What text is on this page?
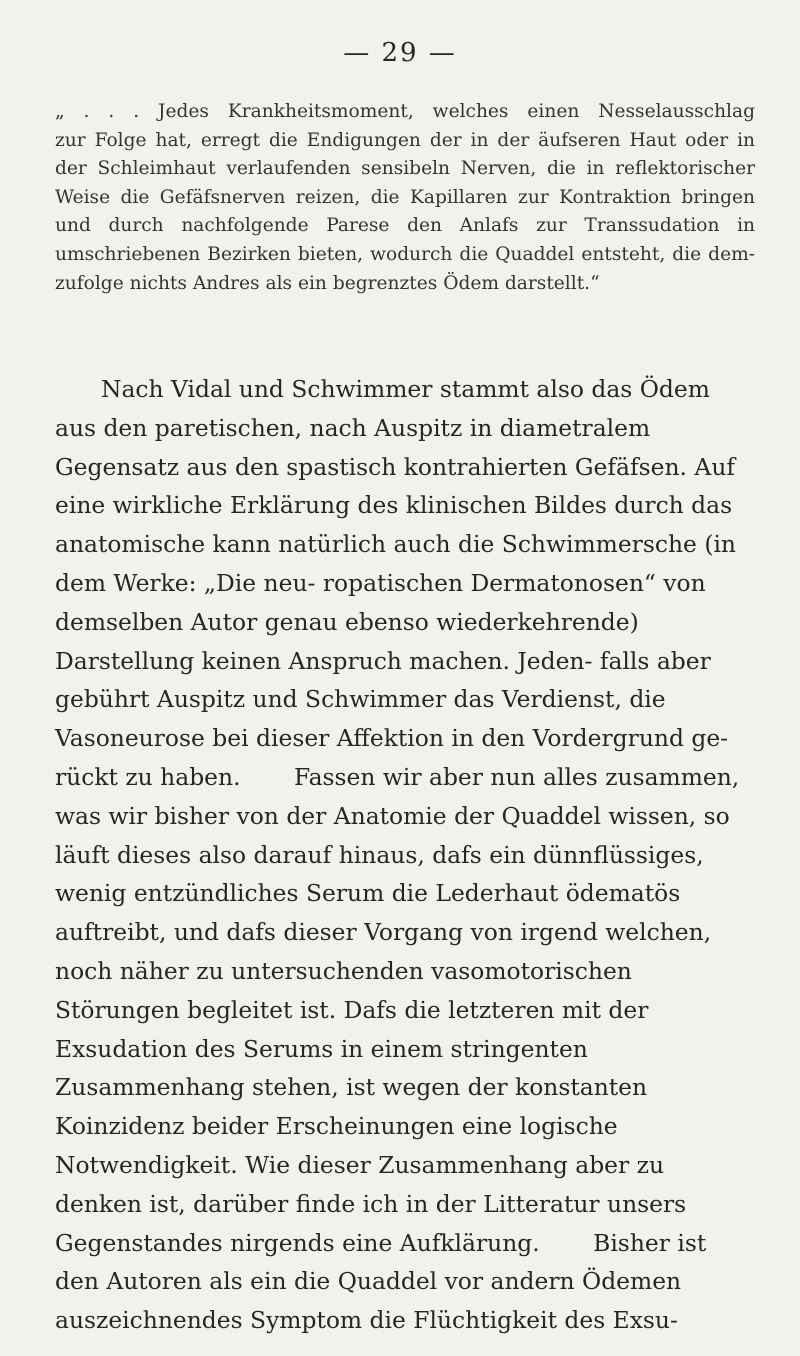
— 29 —
„ . . . Jedes Krankheitsmoment, welches einen Nesselausschlag
zur Folge hat, erregt die Endigungen der in der äufseren Haut oder in
der Schleimhaut verlaufenden sensibeln Nerven, die in reflektorischer
Weise die Gefäfsnerven reizen, die Kapillaren zur Kontraktion bringen
und durch nachfolgende Parese den Anlafs zur Transsudation in
umschriebenen Bezirken bieten, wodurch die Quaddel entsteht, die dem-
zufolge nichts Andres als ein begrenztes Ödem darstellt.“
Nach Vidal und Schwimmer stammt also das Ödem aus den paretischen, nach Auspitz in diametralem Gegensatz aus den spastisch kontrahierten Gefäfsen. Auf eine wirkliche Erklärung des klinischen Bildes durch das anatomische kann natürlich auch die Schwimmersche (in dem Werke: „Die neu- ropatischen Dermatonosen“ von demselben Autor genau ebenso wiederkehrende) Darstellung keinen Anspruch machen. Jeden- falls aber gebührt Auspitz und Schwimmer das Verdienst, die Vasoneurose bei dieser Affektion in den Vordergrund ge- rückt zu haben. Fassen wir aber nun alles zusammen, was wir bisher von der Anatomie der Quaddel wissen, so läuft dieses also darauf hinaus, dafs ein dünnflüssiges, wenig entzündliches Serum die Lederhaut ödematös auftreibt, und dafs dieser Vorgang von irgend welchen, noch näher zu untersuchenden vasomotorischen Störungen begleitet ist. Dafs die letzteren mit der Exsudation des Serums in einem stringenten Zusammenhang stehen, ist wegen der konstanten Koinzidenz beider Erscheinungen eine logische Notwendigkeit. Wie dieser Zusammenhang aber zu denken ist, darüber finde ich in der Litteratur unsers Gegenstandes nirgends eine Aufklärung. Bisher ist den Autoren als ein die Quaddel vor andern Ödemen auszeichnendes Symptom die Flüchtigkeit des Exsu-
